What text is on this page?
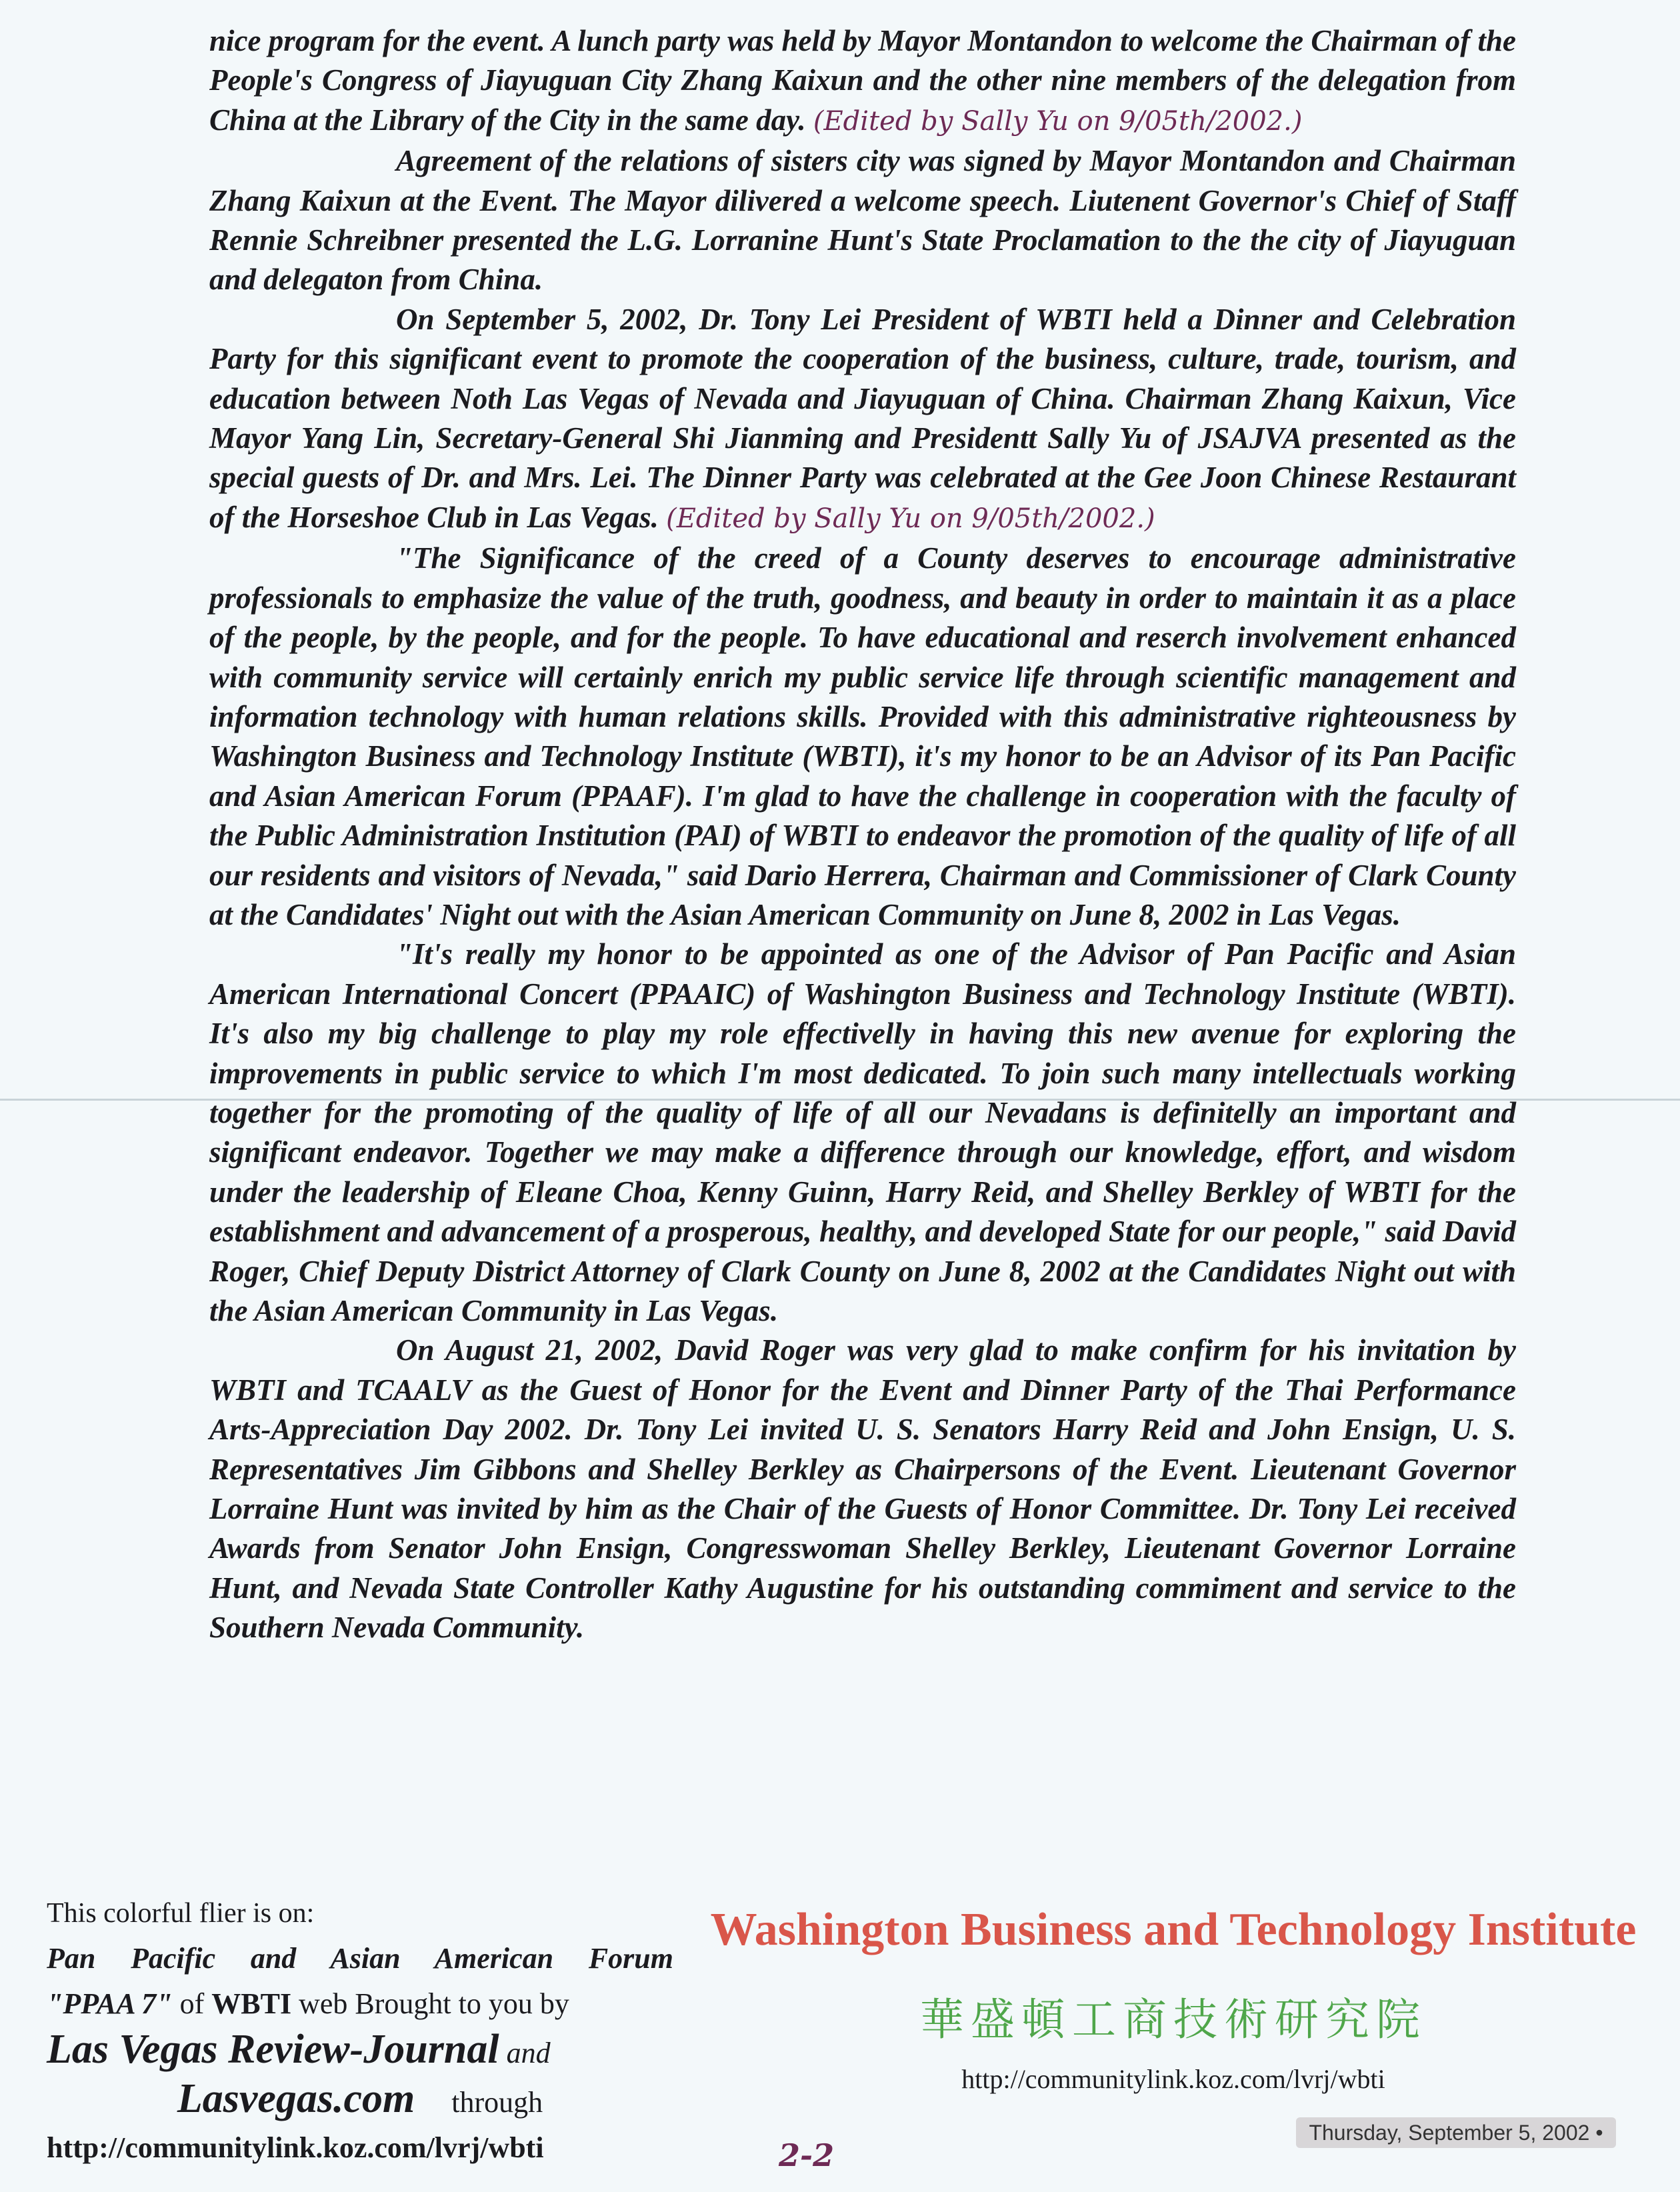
nice program for the event. A lunch party was held by Mayor Montandon to welcome the Chairman of the People's Congress of Jiayuguan City Zhang Kaixun and the other nine members of the delegation from China at the Library of the City in the same day. (Edited by Sally Yu on 9/05th/2002.)

Agreement of the relations of sisters city was signed by Mayor Montandon and Chairman Zhang Kaixun at the Event. The Mayor dilivered a welcome speech. Liutenent Governor's Chief of Staff Rennie Schreibner presented the L.G. Lorranine Hunt's State Proclamation to the the city of Jiayuguan and delegaton from China.

On September 5, 2002, Dr. Tony Lei President of WBTI held a Dinner and Celebration Party for this significant event to promote the cooperation of the business, culture, trade, tourism, and education between Noth Las Vegas of Nevada and Jiayuguan of China. Chairman Zhang Kaixun, Vice Mayor Yang Lin, Secretary-General Shi Jianming and Presidentt Sally Yu of JSAJVA presented as the special guests of Dr. and Mrs. Lei. The Dinner Party was celebrated at the Gee Joon Chinese Restaurant of the Horseshoe Club in Las Vegas. (Edited by Sally Yu on 9/05th/2002.)

"The Significance of the creed of a County deserves to encourage administrative professionals to emphasize the value of the truth, goodness, and beauty in order to maintain it as a place of the people, by the people, and for the people. To have educational and reserch involvement enhanced with community service will certainly enrich my public service life through scientific management and information technology with human relations skills. Provided with this administrative righteousness by Washington Business and Technology Institute (WBTI), it's my honor to be an Advisor of its Pan Pacific and Asian American Forum (PPAAF). I'm glad to have the challenge in cooperation with the faculty of the Public Administration Institution (PAI) of WBTI to endeavor the promotion of the quality of life of all our residents and visitors of Nevada," said Dario Herrera, Chairman and Commissioner of Clark County at the Candidates' Night out with the Asian American Community on June 8, 2002 in Las Vegas.

"It's really my honor to be appointed as one of the Advisor of Pan Pacific and Asian American International Concert (PPAAIC) of Washington Business and Technology Institute (WBTI). It's also my big challenge to play my role effectivelly in having this new avenue for exploring the improvements in public service to which I'm most dedicated. To join such many intellectuals working together for the promoting of the quality of life of all our Nevadans is definitelly an important and significant endeavor. Together we may make a difference through our knowledge, effort, and wisdom under the leadership of Eleane Choa, Kenny Guinn, Harry Reid, and Shelley Berkley of WBTI for the establishment and advancement of a prosperous, healthy, and developed State for our people," said David Roger, Chief Deputy District Attorney of Clark County on June 8, 2002 at the Candidates Night out with the Asian American Community in Las Vegas.

On August 21, 2002, David Roger was very glad to make confirm for his invitation by WBTI and TCAALV as the Guest of Honor for the Event and Dinner Party of the Thai Performance Arts-Appreciation Day 2002. Dr. Tony Lei invited U. S. Senators Harry Reid and John Ensign, U. S. Representatives Jim Gibbons and Shelley Berkley as Chairpersons of the Event. Lieutenant Governor Lorraine Hunt was invited by him as the Chair of the Guests of Honor Committee. Dr. Tony Lei received Awards from Senator John Ensign, Congresswoman Shelley Berkley, Lieutenant Governor Lorraine Hunt, and Nevada State Controller Kathy Augustine for his outstanding commiment and service to the Southern Nevada Community.

This colorful flier is on:
Pan Pacific and Asian American Forum
"PPAA 7" of WBTI web Brought to you by
Las Vegas Review-Journal and
Lasvegas.com     through
http://communitylink.koz.com/lvrj/wbti
Washington Business and Technology Institute
華盛頓工商技術研究院
http://communitylink.koz.com/lvrj/wbti
Thursday, September 5, 2002 •
2-2
